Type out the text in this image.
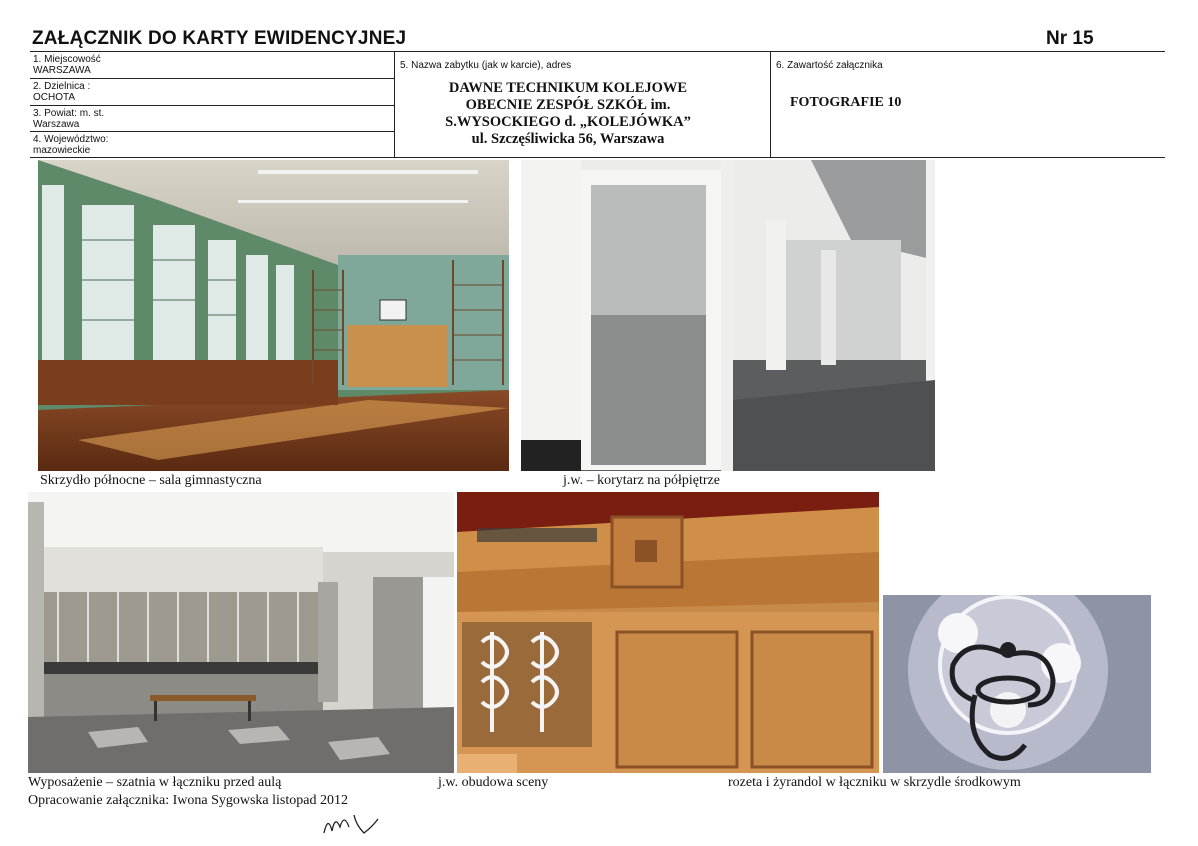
ZAŁĄCZNIK DO KARTY EWIDENCYJNEJ	Nr 15
1. Miejscowość
WARSZAWA
2. Dzielnica :
OCHOTA
3. Powiat: m. st.
Warszawa
4. Województwo:
mazowieckie
5. Nazwa zabytku (jak w karcie), adres
DAWNE TECHNIKUM KOLEJOWE
OBECNIE ZESPÓŁ SZKÓŁ im.
S.WYSOCKIEGO d. „KOLEJÓWKA”
ul. Szczęśliwicka 56, Warszawa
6. Zawartość załącznika
FOTOGRAFIE 10
Skrzydło północne – sala gimnastyczna	j.w. – korytarz na półpiętrze
Wyposażenie – szatnia w łączniku przed aulą	j.w. obudowa sceny	rozeta i żyrandol w łączniku w skrzydle środkowym
Opracowanie załącznika: Iwona Sygowska listopad 2012
